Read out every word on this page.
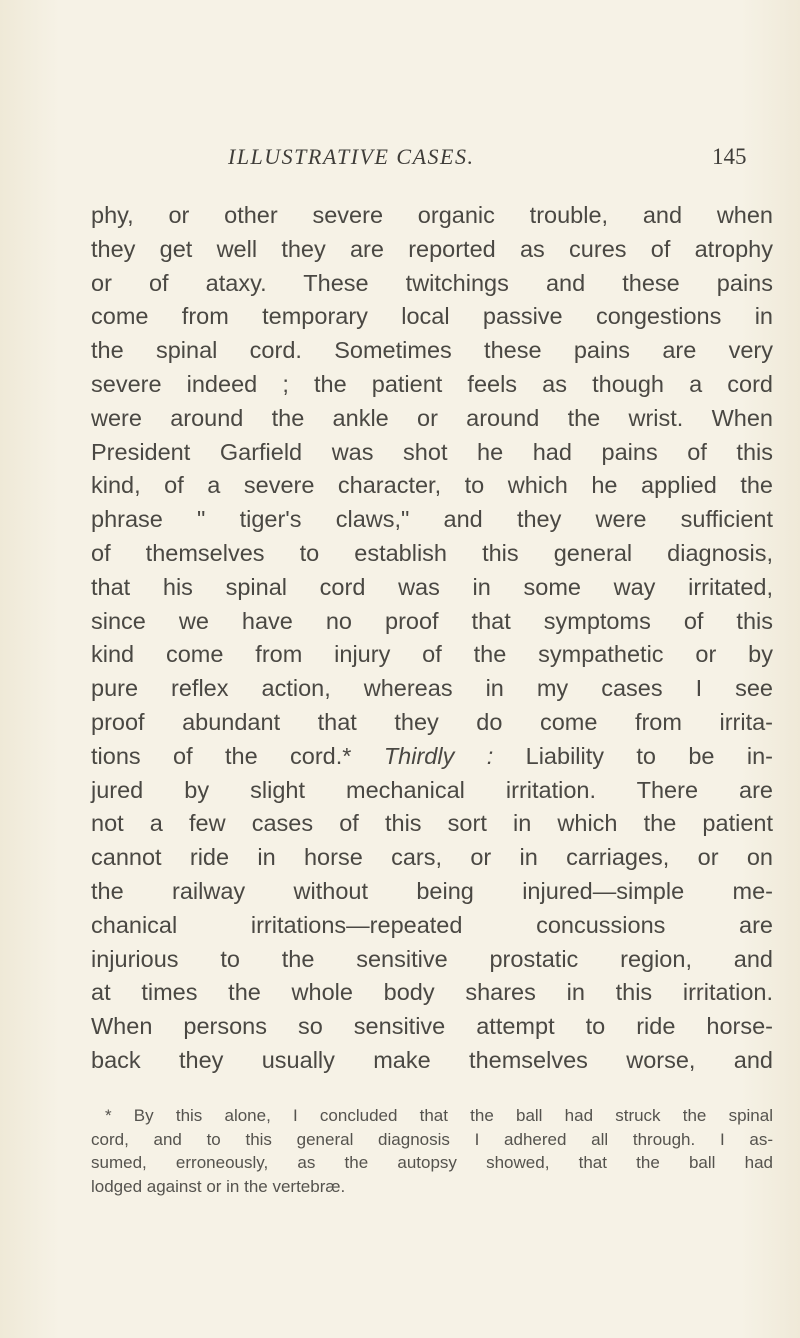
ILLUSTRATIVE CASES.	145
phy, or other severe organic trouble, and when
they get well they are reported as cures of atrophy
or of ataxy. These twitchings and these pains
come from temporary local passive congestions in
the spinal cord. Sometimes these pains are very
severe indeed ; the patient feels as though a cord
were around the ankle or around the wrist. When
President Garfield was shot he had pains of this
kind, of a severe character, to which he applied the
phrase " tiger's claws," and they were sufficient
of themselves to establish this general diagnosis,
that his spinal cord was in some way irritated,
since we have no proof that symptoms of this
kind come from injury of the sympathetic or by
pure reflex action, whereas in my cases I see
proof abundant that they do come from irrita-
tions of the cord.* Thirdly : Liability to be in-
jured by slight mechanical irritation. There are
not a few cases of this sort in which the patient
cannot ride in horse cars, or in carriages, or on
the railway without being injured—simple me-
chanical irritations—repeated concussions are
injurious to the sensitive prostatic region, and
at times the whole body shares in this irritation.
When persons so sensitive attempt to ride horse-
back they usually make themselves worse, and
* By this alone, I concluded that the ball had struck the spinal
cord, and to this general diagnosis I adhered all through. I as-
sumed, erroneously, as the autopsy showed, that the ball had
lodged against or in the vertebræ.
